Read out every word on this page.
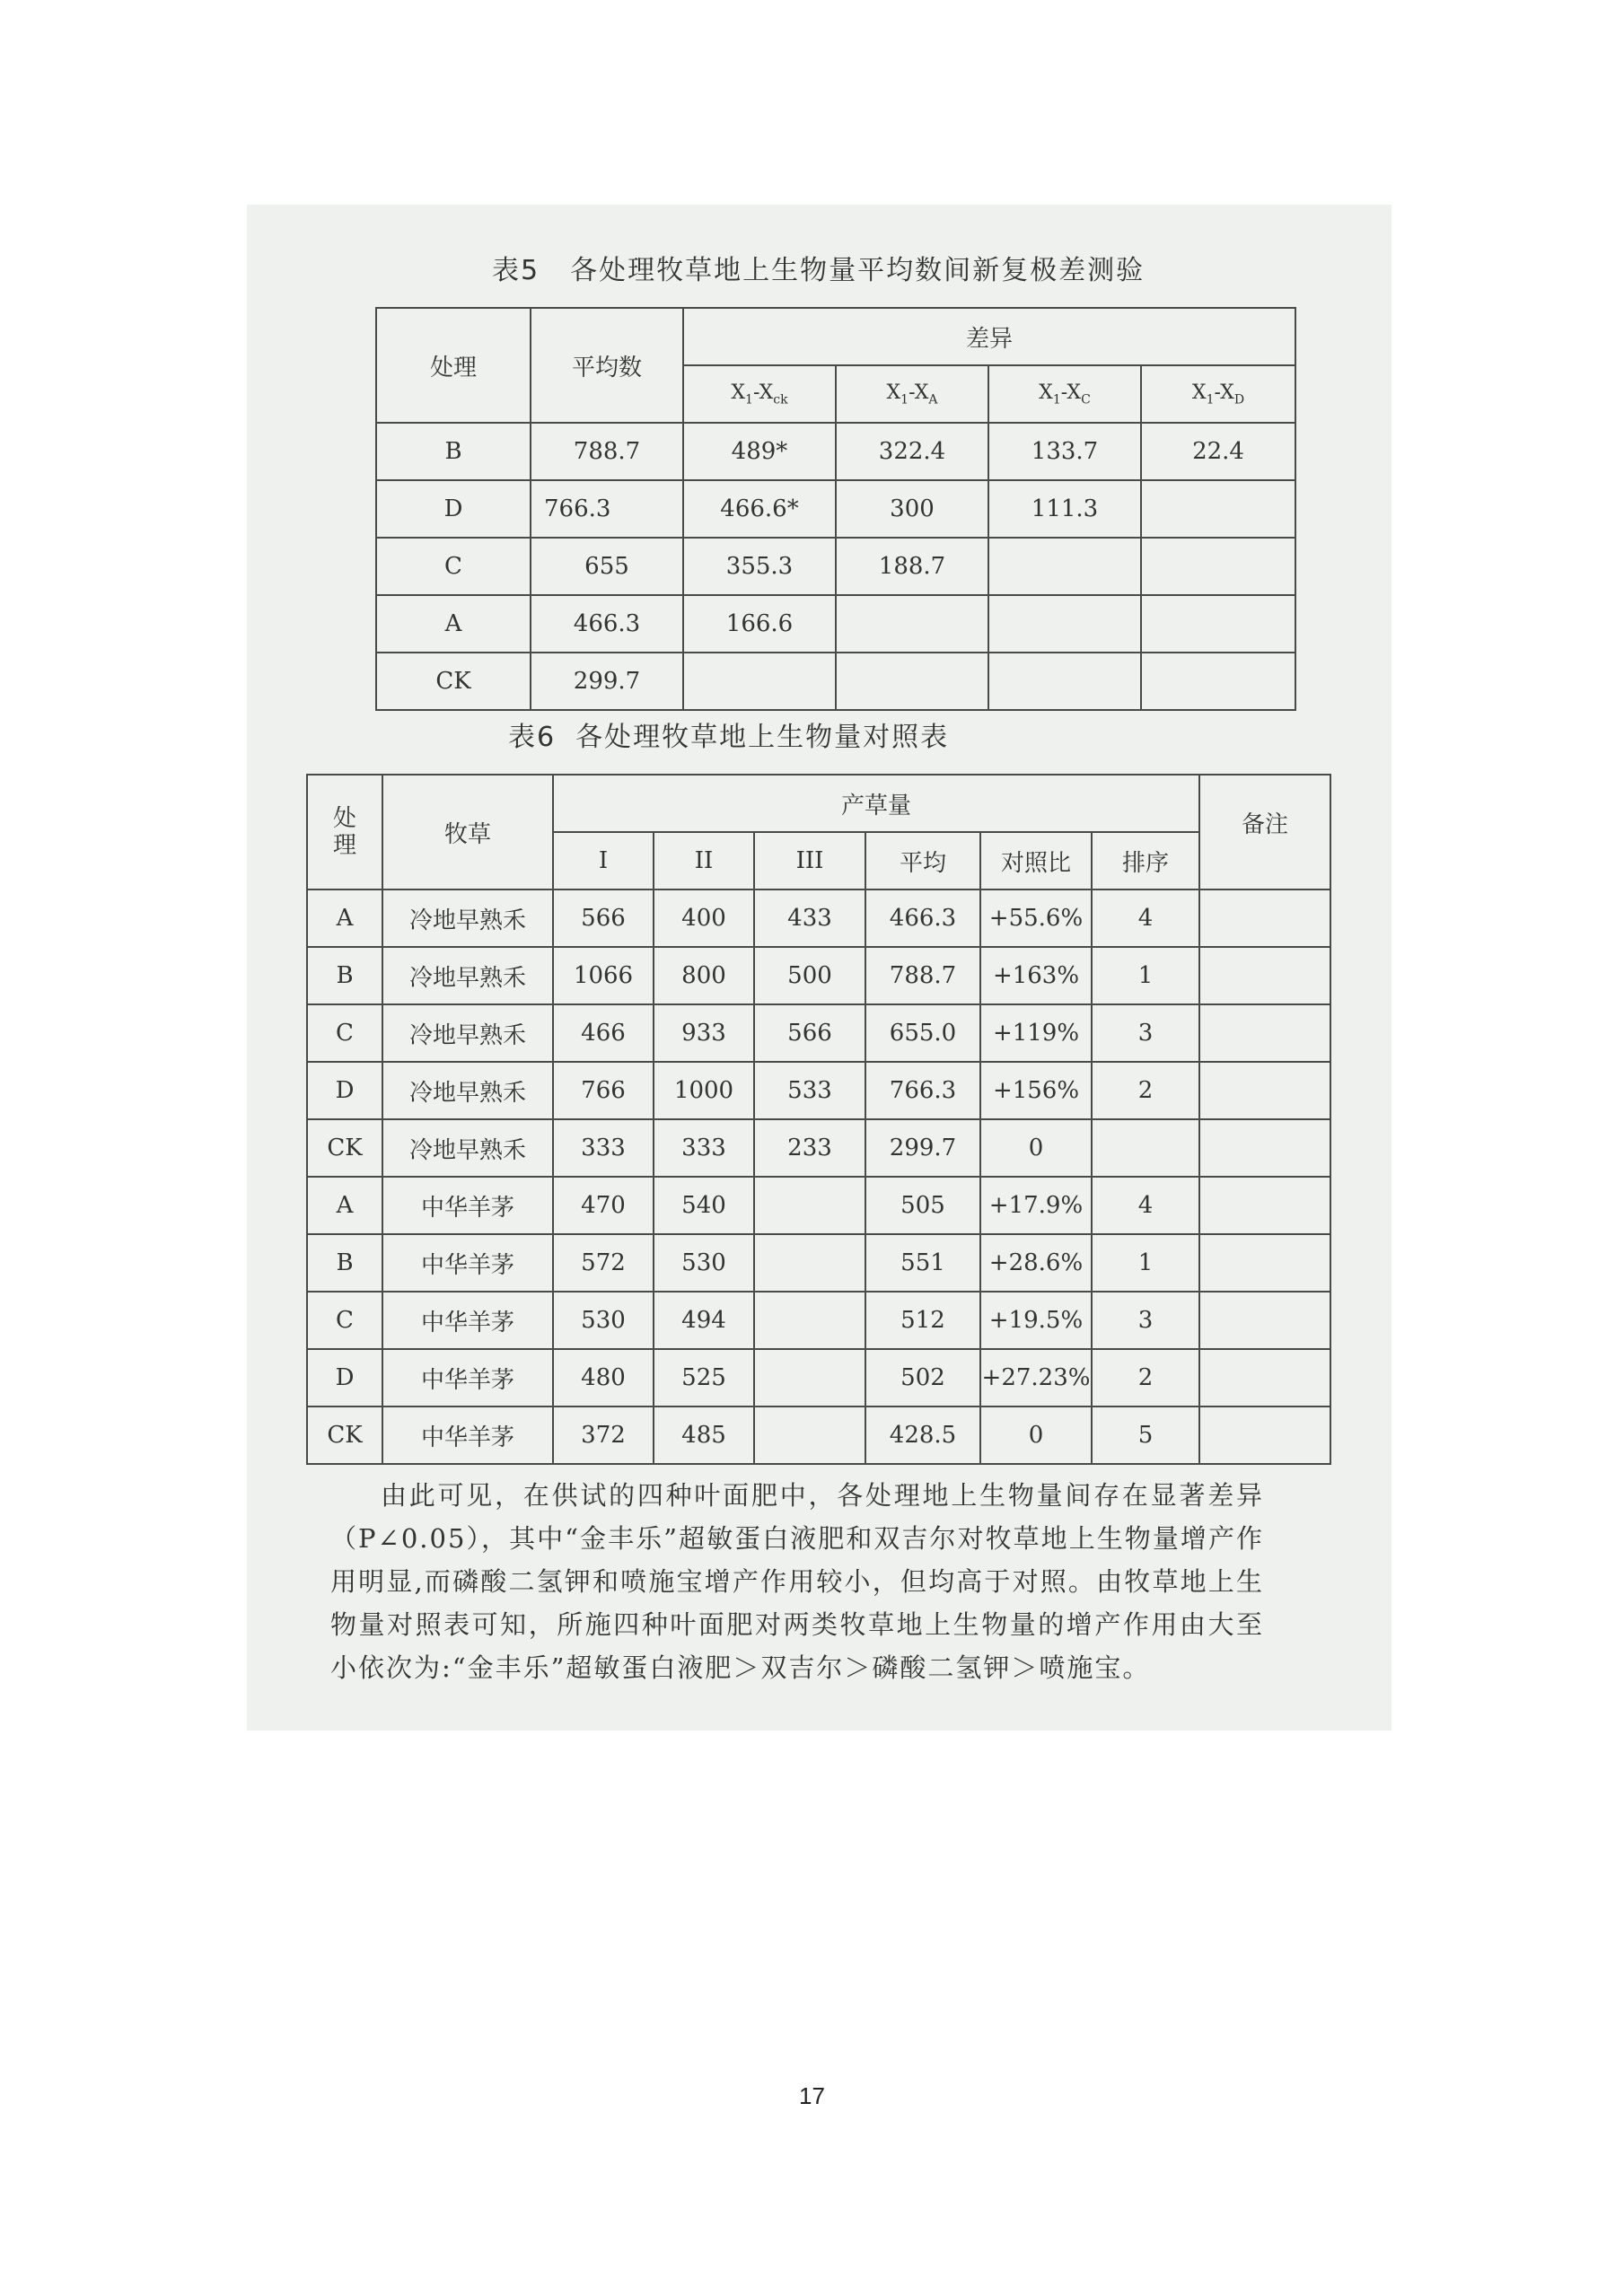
表5 各处理牧草地上生物量平均数间新复极差测验
处理	平均数	差异			
		$X_1-X_{ck}$	$X_1-X_A$	$X_1-X_C$	$X_1-X_D$
B	788.7	489*	322.4	133.7	22.4
D	766.3	466.6*	300	111.3	
C	655	355.3	188.7		
A	466.3	166.6			
CK	299.7				
表6 各处理牧草地上生物量对照表
处理	牧草	产草量						备注
		I	II	III	平均	对照比	排序	
A	冷地早熟禾	566	400	433	466.3	+55.6%	4	
B	冷地早熟禾	1066	800	500	788.7	+163%	1	
C	冷地早熟禾	466	933	566	655.0	+119%	3	
D	冷地早熟禾	766	1000	533	766.3	+156%	2	
CK	冷地早熟禾	333	333	233	299.7	0		
A	中华羊茅	470	540		505	+17.9%	4	
B	中华羊茅	572	530		551	+28.6%	1	
C	中华羊茅	530	494		512	+19.5%	3	
D	中华羊茅	480	525		502	+27.23%	2	
CK	中华羊茅	372	485		428.5	0	5	

由此可见，在供试的四种叶面肥中，各处理地上生物量间存在显著差异（P∠0.05），其中“金丰乐”超敏蛋白液肥和双吉尔对牧草地上生物量增产作用明显,而磷酸二氢钾和喷施宝增产作用较小，但均高于对照。由牧草地上生物量对照表可知，所施四种叶面肥对两类牧草地上生物量的增产作用由大至小依次为:“金丰乐”超敏蛋白液肥＞双吉尔＞磷酸二氢钾＞喷施宝。

17
